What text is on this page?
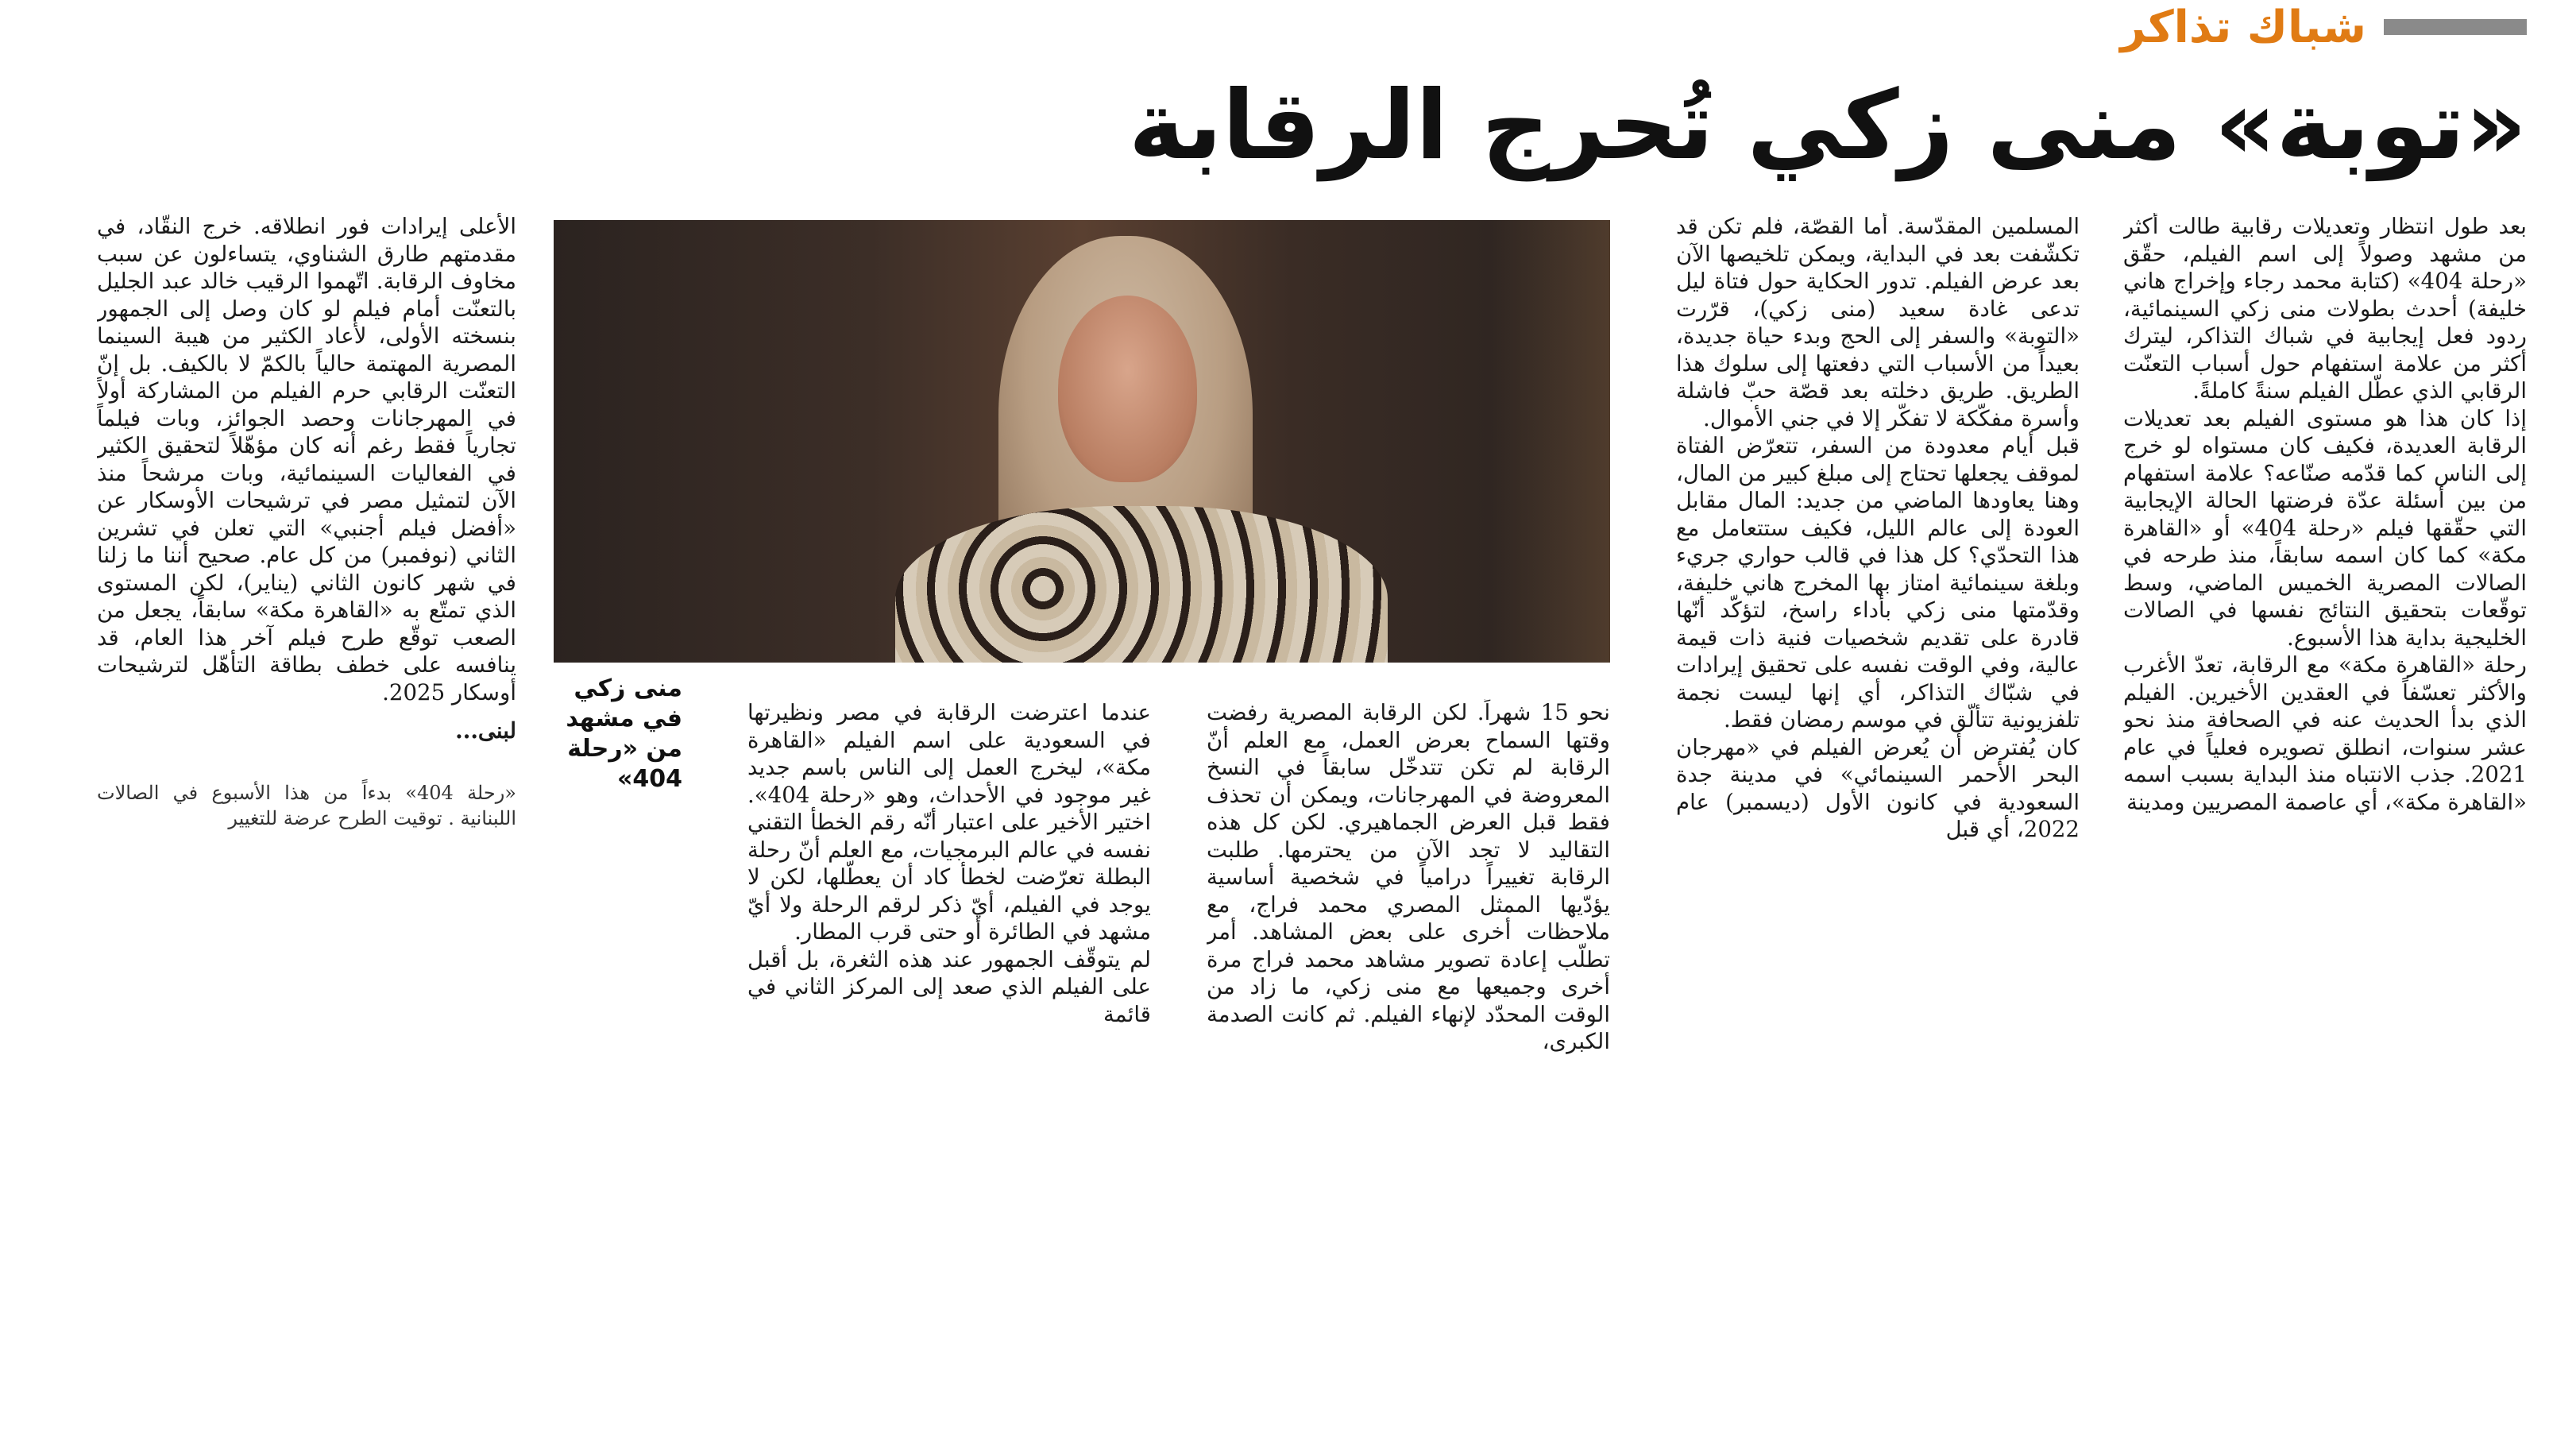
شباك تذاكر
«توبة» منى زكي تُحرج الرقابة

بعد طول انتظار وتعديلات رقابية طالت أكثر من مشهد وصولاً إلى اسم الفيلم، حقّق «رحلة 404» (كتابة محمد رجاء وإخراج هاني خليفة) أحدث بطولات منى زكي السينمائية، ردود فعل إيجابية في شباك التذاكر، ليترك أكثر من علامة استفهام حول أسباب التعنّت الرقابي الذي عطّل الفيلم سنةً كاملةً.

إذا كان هذا هو مستوى الفيلم بعد تعديلات الرقابة العديدة، فكيف كان مستواه لو خرج إلى الناس كما قدّمه صنّاعه؟ علامة استفهام من بين أسئلة عدّة فرضتها الحالة الإيجابية التي حقّقها فيلم «رحلة 404» أو «القاهرة مكة» كما كان اسمه سابقاً، منذ طرحه في الصالات المصرية الخميس الماضي، وسط توقّعات بتحقيق النتائج نفسها في الصالات الخليجية بداية هذا الأسبوع.

رحلة «القاهرة مكة» مع الرقابة، تعدّ الأغرب والأكثر تعسّفاً في العقدين الأخيرين. الفيلم الذي بدأ الحديث عنه في الصحافة منذ نحو عشر سنوات، انطلق تصويره فعلياً في عام 2021. جذب الانتباه منذ البداية بسبب اسمه «القاهرة مكة»، أي عاصمة المصريين ومدينة

المسلمين المقدّسة. أما القصّة، فلم تكن قد تكشّفت بعد في البداية، ويمكن تلخيصها الآن بعد عرض الفيلم. تدور الحكاية حول فتاة ليل تدعى غادة سعيد (منى زكي)، قرّرت «التوبة» والسفر إلى الحج وبدء حياة جديدة، بعيداً من الأسباب التي دفعتها إلى سلوك هذا الطريق. طريق دخلته بعد قصّة حبّ فاشلة وأسرة مفكّكة لا تفكّر إلا في جني الأموال.

قبل أيام معدودة من السفر، تتعرّض الفتاة لموقف يجعلها تحتاج إلى مبلغ كبير من المال، وهنا يعاودها الماضي من جديد: المال مقابل العودة إلى عالم الليل، فكيف ستتعامل مع هذا التحدّي؟ كل هذا في قالب حواري جريء وبلغة سينمائية امتاز بها المخرج هاني خليفة، وقدّمتها منى زكي بأداء راسخ، لتؤكّد أنّها قادرة على تقديم شخصيات فنية ذات قيمة عالية، وفي الوقت نفسه على تحقيق إيرادات في شبّاك التذاكر، أي إنها ليست نجمة تلفزيونية تتألّق في موسم رمضان فقط.

كان يُفترض أن يُعرض الفيلم في «مهرجان البحر الأحمر السينمائي» في مدينة جدة السعودية في كانون الأول (ديسمبر) عام 2022، أي قبل

نحو 15 شهراً. لكن الرقابة المصرية رفضت وقتها السماح بعرض العمل، مع العلم أنّ الرقابة لم تكن تتدخّل سابقاً في النسخ المعروضة في المهرجانات، ويمكن أن تحذف فقط قبل العرض الجماهيري. لكن كل هذه التقاليد لا تجد الآن من يحترمها. طلبت الرقابة تغييراً درامياً في شخصية أساسية يؤدّيها الممثل المصري محمد فراج، مع ملاحظات أخرى على بعض المشاهد. أمر تطلّب إعادة تصوير مشاهد محمد فراج مرة أخرى وجميعها مع منى زكي، ما زاد من الوقت المحدّد لإنهاء الفيلم. ثم كانت الصدمة الكبرى،

عندما اعترضت الرقابة في مصر ونظيرتها في السعودية على اسم الفيلم «القاهرة مكة»، ليخرج العمل إلى الناس باسم جديد غير موجود في الأحداث، وهو «رحلة 404». اختير الأخير على اعتبار أنّه رقم الخطأ التقني نفسه في عالم البرمجيات، مع العلم أنّ رحلة البطلة تعرّضت لخطأ كاد أن يعطّلها، لكن لا يوجد في الفيلم، أيّ ذكر لرقم الرحلة ولا أيّ مشهد في الطائرة أو حتى قرب المطار.

لم يتوقّف الجمهور عند هذه الثغرة، بل أقبل على الفيلم الذي صعد إلى المركز الثاني في قائمة

منى زكي في مشهد من «رحلة 404»

الأعلى إيرادات فور انطلاقه. خرج النقّاد، في مقدمتهم طارق الشناوي، يتساءلون عن سبب مخاوف الرقابة. اتّهموا الرقيب خالد عبد الجليل بالتعنّت أمام فيلم لو كان وصل إلى الجمهور بنسخته الأولى، لأعاد الكثير من هيبة السينما المصرية المهتمة حالياً بالكمّ لا بالكيف. بل إنّ التعنّت الرقابي حرم الفيلم من المشاركة أولاً في المهرجانات وحصد الجوائز، وبات فيلماً تجارياً فقط رغم أنه كان مؤهّلاً لتحقيق الكثير في الفعاليات السينمائية، وبات مرشحاً منذ الآن لتمثيل مصر في ترشيحات الأوسكار عن «أفضل فيلم أجنبي» التي تعلن في تشرين الثاني (نوفمبر) من كل عام. صحيح أننا ما زلنا في شهر كانون الثاني (يناير)، لكن المستوى الذي تمتّع به «القاهرة مكة» سابقاً، يجعل من الصعب توقّع طرح فيلم آخر هذا العام، قد ينافسه على خطف بطاقة التأهّل لترشيحات أوسكار 2025.

لبنى...

«رحلة 404» بدءاً من هذا الأسبوع في الصالات اللبنانية . توقيت الطرح عرضة للتغيير
